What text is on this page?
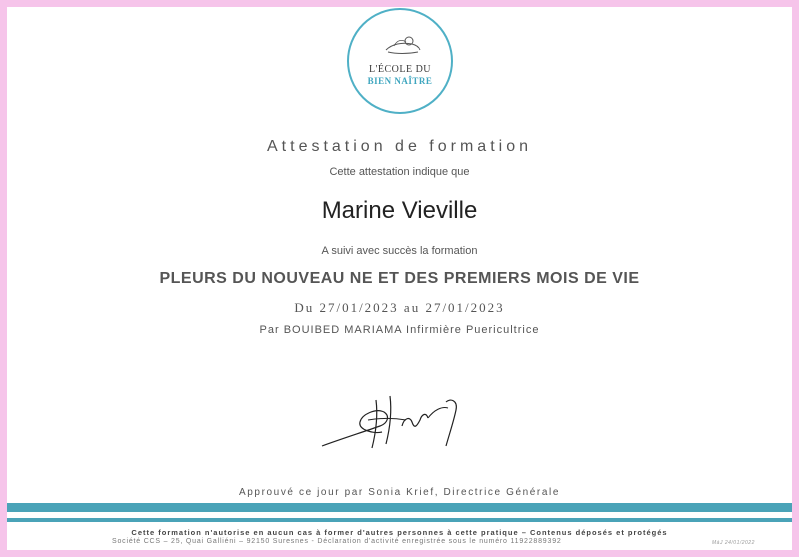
L'ÉCOLE DU
BIEN NAÎTRE
Attestation de formation
Cette attestation indique que
Marine Vieville
A suivi avec succès la formation
PLEURS DU NOUVEAU NE ET DES PREMIERS MOIS DE VIE
Du 27/01/2023 au 27/01/2023
Par BOUIBED MARIAMA Infirmière Puericultrice
Approuvé ce jour par Sonia Krief, Directrice Générale
Cette formation n'autorise en aucun cas à former d'autres personnes à cette pratique – Contenus déposés et protégés
Société CCS – 25, Quai Galliéni – 92150 Suresnes - Déclaration d'activité enregistrée sous le numéro 11922889392	MàJ 24/01/2022
